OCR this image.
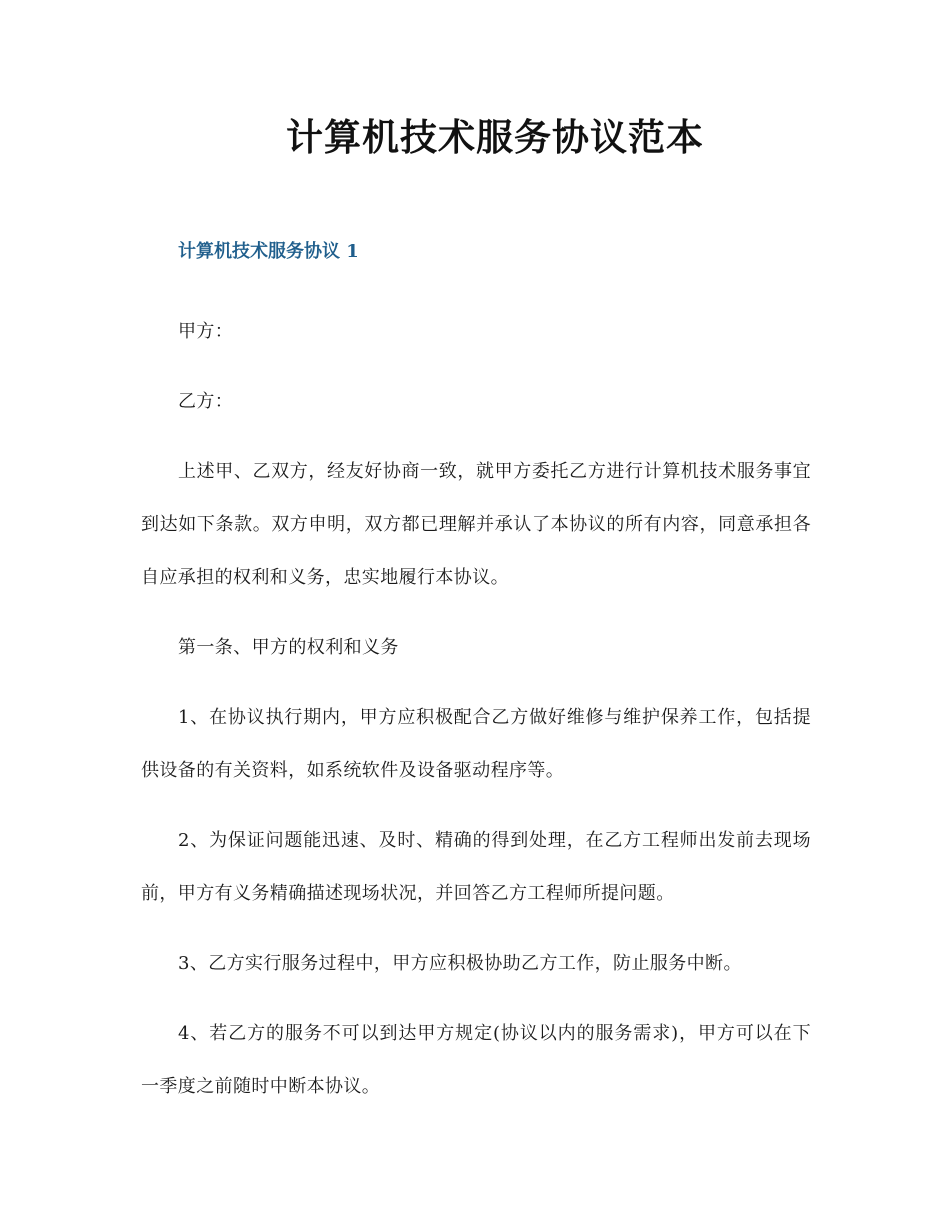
计算机技术服务协议范本
计算机技术服务协议 1

甲方：

乙方：

上述甲、乙双方，经友好协商一致，就甲方委托乙方进行计算机技术服务事宜到达如下条款。双方申明，双方都已理解并承认了本协议的所有内容，同意承担各自应承担的权利和义务，忠实地履行本协议。

第一条、甲方的权利和义务

1、在协议执行期内，甲方应积极配合乙方做好维修与维护保养工作，包括提供设备的有关资料，如系统软件及设备驱动程序等。

2、为保证问题能迅速、及时、精确的得到处理，在乙方工程师出发前去现场前，甲方有义务精确描述现场状况，并回答乙方工程师所提问题。

3、乙方实行服务过程中，甲方应积极协助乙方工作，防止服务中断。

4、若乙方的服务不可以到达甲方规定(协议以内的服务需求)，甲方可以在下一季度之前随时中断本协议。
